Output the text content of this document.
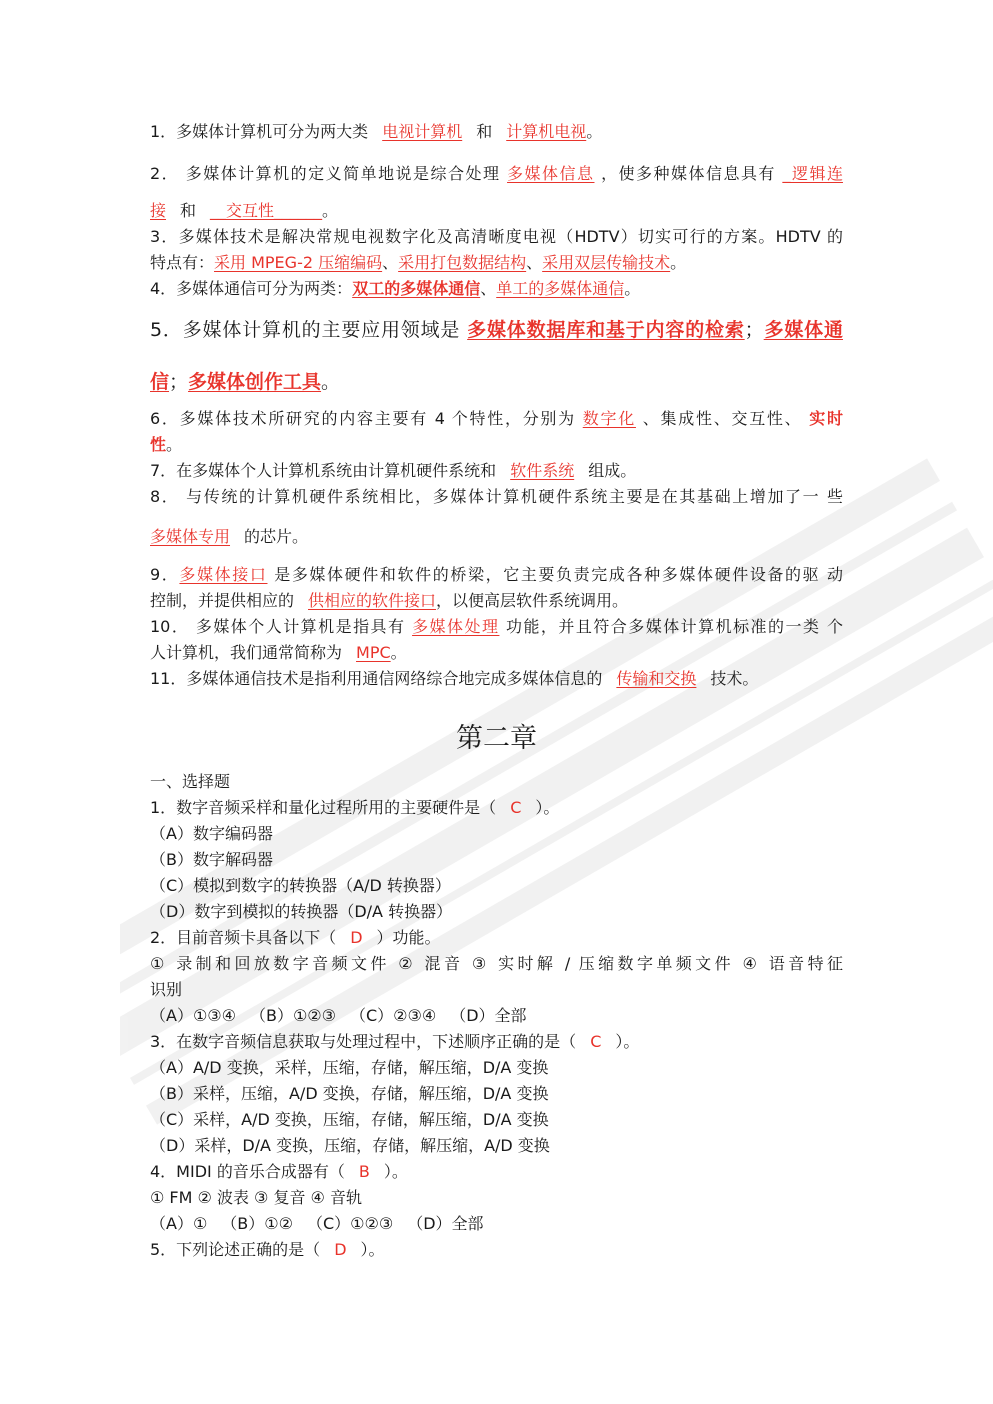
1．多媒体计算机可分为两大类 电视计算机 和 计算机电视。
2． 多媒体计算机的定义简单地说是综合处理 多媒体信息 ，使多种媒体信息具有 _逻辑连
接 和 __交互性______。
3．多媒体技术是解决常规电视数字化及高清晰度电视（HDTV）切实可行的方案。HDTV 的
特点有：采用 MPEG-2 压缩编码、采用打包数据结构、采用双层传输技术。
4．多媒体通信可分为两类：双工的多媒体通信、单工的多媒体通信。
5．多媒体计算机的主要应用领域是 多媒体数据库和基于内容的检索；多媒体通
信；多媒体创作工具。
6．多媒体技术所研究的内容主要有 4 个特性，分别为 数字化 、集成性、交互性、 实时
性。
7．在多媒体个人计算机系统由计算机硬件系统和 软件系统 组成。
8． 与传统的计算机硬件系统相比，多媒体计算机硬件系统主要是在其基础上增加了一 些
多媒体专用 的芯片。
9．多媒体接口 是多媒体硬件和软件的桥梁，它主要负责完成各种多媒体硬件设备的驱 动
控制，并提供相应的 供相应的软件接口，以便高层软件系统调用。
10． 多媒体个人计算机是指具有 多媒体处理 功能，并且符合多媒体计算机标准的一类 个
人计算机，我们通常简称为 MPC。
11．多媒体通信技术是指利用通信网络综合地完成多媒体信息的 传输和交换 技术。
第二章
一、选择题
1．数字音频采样和量化过程所用的主要硬件是（ C ）。
（A）数字编码器
（B）数字解码器
（C）模拟到数字的转换器（A/D 转换器）
（D）数字到模拟的转换器（D/A 转换器）
2．目前音频卡具备以下（ D ）功能。
① 录制和回放数字音频文件 ② 混音 ③ 实时解 / 压缩数字单频文件 ④ 语音特征
识别
（A）①③④ （B）①②③ （C）②③④ （D）全部
3．在数字音频信息获取与处理过程中，下述顺序正确的是（ C ）。
（A）A/D 变换，采样，压缩，存储，解压缩，D/A 变换
（B）采样，压缩，A/D 变换，存储，解压缩，D/A 变换
（C）采样，A/D 变换，压缩，存储，解压缩，D/A 变换
（D）采样，D/A 变换，压缩，存储，解压缩，A/D 变换
4．MIDI 的音乐合成器有（ B ）。
① FM ② 波表 ③ 复音 ④ 音轨
（A）① （B）①② （C）①②③ （D）全部
5．下列论述正确的是（ D ）。
